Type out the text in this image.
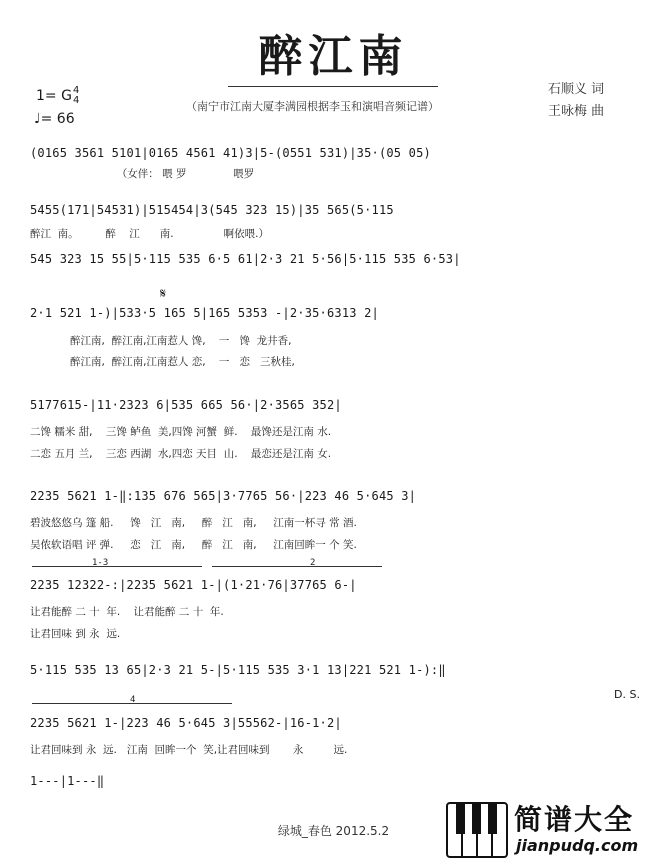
醉江南
1= G4
4
♩= 66
（南宁市江南大厦李满园根据李玉和演唱音频记谱）
石顺义 词
王咏梅 曲
(0165 3561 5101|0165 4561 41)3|5-(0551 531)|35·(05 05)
（女伴： 喂 罗              喂罗
5455(171|54531)|515454|3(545 323 15)|35 565(5·115
醉江  南。        醉    江      南.               啊依喂.）
545 323 15 55|5·115 535 6·5 61|2·3 21 5·56|5·115 535 6·53|
𝄋
2·1 521 1-)|533·5 165 5|165 5353 -|2·35·6313 2|
醉江南,  醉江南,江南惹人 馋,    一   馋  龙井香,
醉江南,  醉江南,江南惹人 恋,    一   恋   三秋桂,
5177615-|11·2323 6|535 665 56·|2·3565 352|
二馋 糯米 甜,    三馋 鲈鱼  美,四馋 河蟹  鲜.    最馋还是江南 水.
二恋 五月 兰,    三恋 西湖  水,四恋 天目  山.    最恋还是江南 女.
2235 5621 1-‖:135 676 565|3·7765 56·|223 46 5·645 3|
碧波悠悠乌 篷 船.     馋   江   南,     醉   江   南,     江南一杯寻 常 酒.
吴侬软语唱 评 弹.     恋   江   南,     醉   江   南,     江南回眸一 个 笑.
1-3	2
2235 12322-:|2235 5621 1-|(1·21·76|37765 6-|
让君能醉 二 十  年.    让君能醉 二 十  年.
让君回味 到 永  远.
5·115 535 13 65|2·3 21 5-|5·115 535 3·1 13|221 521 1-):‖
D. S.
4
2235 5621 1-|223 46 5·645 3|55562-|16-1·2|
让君回味到 永  远.   江南  回眸一个  笑,让君回味到       永         远.
1---|1---‖
绿城_春色 2012.5.2	简谱大全
jianpudq.com
